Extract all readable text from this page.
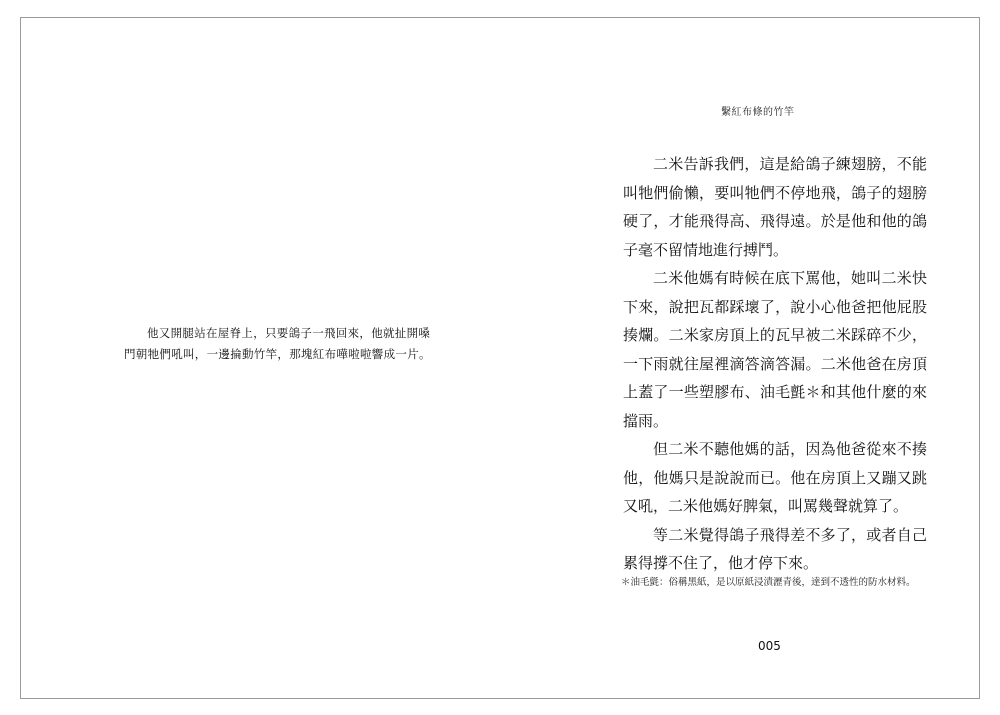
他又開腿站在屋脊上，只要鴿子一飛回來，他就扯開嗓門朝牠們吼叫，一邊掄動竹竿，那塊紅布嘩啦啦響成一片。
繫紅布條的竹竿

二米告訴我們，這是給鴿子練翅膀，不能叫牠們偷懶，要叫牠們不停地飛，鴿子的翅膀硬了，才能飛得高、飛得遠。於是他和他的鴿子毫不留情地進行搏鬥。

二米他媽有時候在底下罵他，她叫二米快下來，說把瓦都踩壞了，說小心他爸把他屁股揍爛。二米家房頂上的瓦早被二米踩碎不少，一下雨就往屋裡滴答滴答漏。二米他爸在房頂上蓋了一些塑膠布、油毛氈＊和其他什麼的來擋雨。

但二米不聽他媽的話，因為他爸從來不揍他，他媽只是說說而已。他在房頂上又蹦又跳又吼，二米他媽好脾氣，叫罵幾聲就算了。

等二米覺得鴿子飛得差不多了，或者自己累得撐不住了，他才停下來。

＊油毛氈：俗稱黑紙，是以原紙浸漬瀝青後，達到不透性的防水材料。
005
